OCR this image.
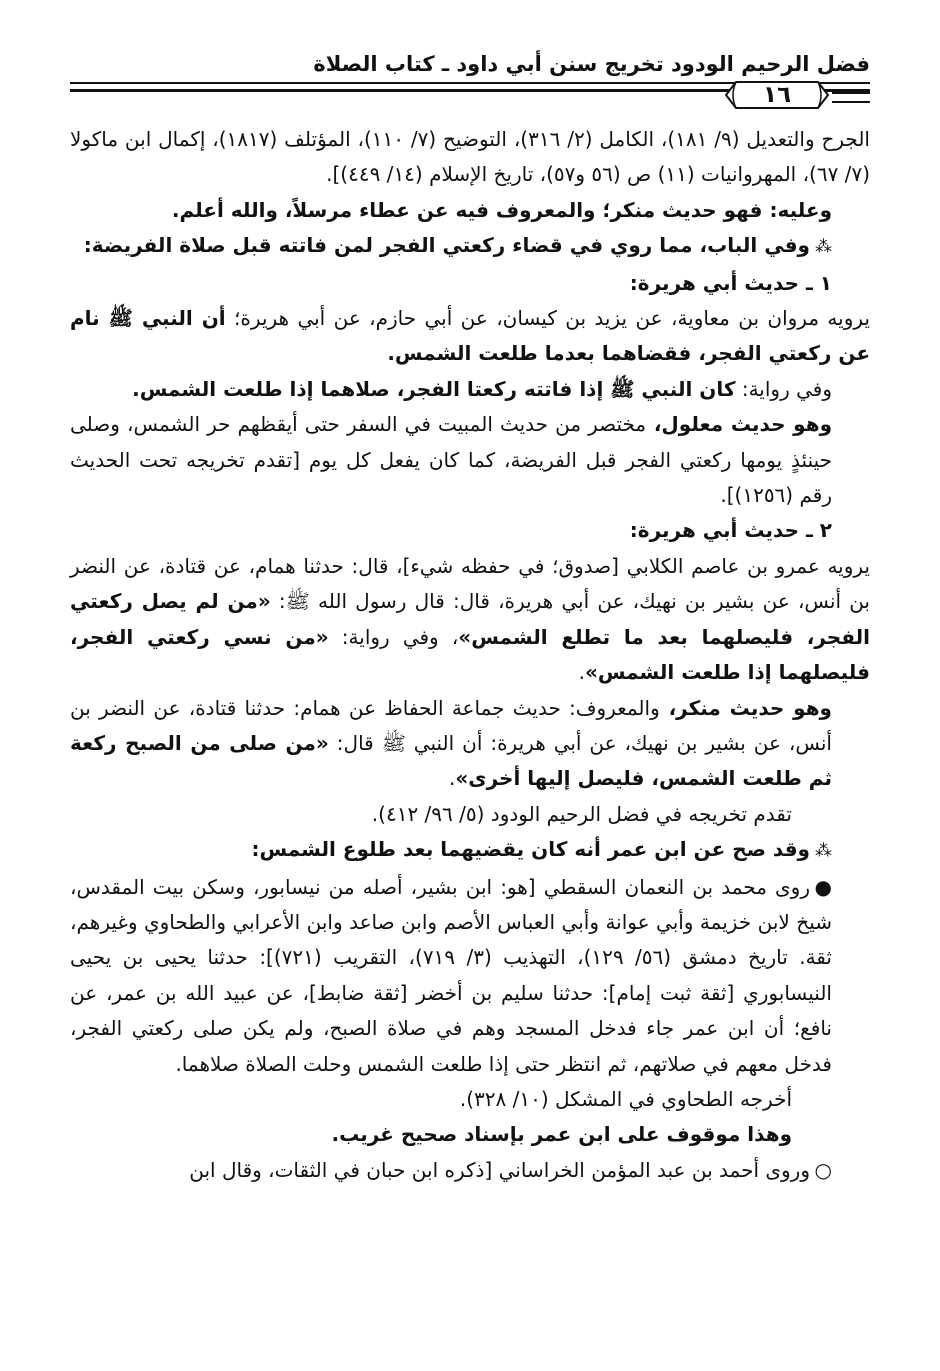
فضل الرحيم الودود تخريج سنن أبي داود ـ كتاب الصلاة
١٦

الجرح والتعديل (٩/ ١٨١)، الكامل (٢/ ٣١٦)، التوضيح (٧/ ١١٠)، المؤتلف (١٨١٧)، إكمال ابن ماكولا (٧/ ٦٧)، المهروانيات (١١) ص (٥٦ و٥٧)، تاريخ الإسلام (١٤/ ٤٤٩)].

وعليه: فهو حديث منكر؛ والمعروف فيه عن عطاء مرسلاً، والله أعلم.

⁂وفي الباب، مما روي في قضاء ركعتي الفجر لمن فاتته قبل صلاة الفريضة:

١ ـ حديث أبي هريرة:

يرويه مروان بن معاوية، عن يزيد بن كيسان، عن أبي حازم، عن أبي هريرة؛ أن النبي ﷺ نام عن ركعتي الفجر، فقضاهما بعدما طلعت الشمس.

وفي رواية: كان النبي ﷺ إذا فاتته ركعتا الفجر، صلاهما إذا طلعت الشمس.

وهو حديث معلول، مختصر من حديث المبيت في السفر حتى أيقظهم حر الشمس، وصلى حينئذٍ يومها ركعتي الفجر قبل الفريضة، كما كان يفعل كل يوم [تقدم تخريجه تحت الحديث رقم (١٢٥٦)].

٢ ـ حديث أبي هريرة:

يرويه عمرو بن عاصم الكلابي [صدوق؛ في حفظه شيء]، قال: حدثنا همام، عن قتادة، عن النضر بن أنس، عن بشير بن نهيك، عن أبي هريرة، قال: قال رسول الله ﷺ: «من لم يصل ركعتي الفجر، فليصلهما بعد ما تطلع الشمس»، وفي رواية: «من نسي ركعتي الفجر، فليصلهما إذا طلعت الشمس».

وهو حديث منكر، والمعروف: حديث جماعة الحفاظ عن همام: حدثنا قتادة، عن النضر بن أنس، عن بشير بن نهيك، عن أبي هريرة: أن النبي ﷺ قال: «من صلى من الصبح ركعة ثم طلعت الشمس، فليصل إليها أخرى».

تقدم تخريجه في فضل الرحيم الودود (٥/ ٩٦/ ٤١٢).

⁂وقد صح عن ابن عمر أنه كان يقضيهما بعد طلوع الشمس:

●روى محمد بن النعمان السقطي [هو: ابن بشير، أصله من نيسابور، وسكن بيت المقدس، شيخ لابن خزيمة وأبي عوانة وأبي العباس الأصم وابن صاعد وابن الأعرابي والطحاوي وغيرهم، ثقة. تاريخ دمشق (٥٦/ ١٢٩)، التهذيب (٣/ ٧١٩)، التقريب (٧٢١)]: حدثنا يحيى بن يحيى النيسابوري [ثقة ثبت إمام]: حدثنا سليم بن أخضر [ثقة ضابط]، عن عبيد الله بن عمر، عن نافع؛ أن ابن عمر جاء فدخل المسجد وهم في صلاة الصبح، ولم يكن صلى ركعتي الفجر، فدخل معهم في صلاتهم، ثم انتظر حتى إذا طلعت الشمس وحلت الصلاة صلاهما.

أخرجه الطحاوي في المشكل (١٠/ ٣٢٨).

وهذا موقوف على ابن عمر بإسناد صحيح غريب.

○وروى أحمد بن عبد المؤمن الخراساني [ذكره ابن حبان في الثقات، وقال ابن
